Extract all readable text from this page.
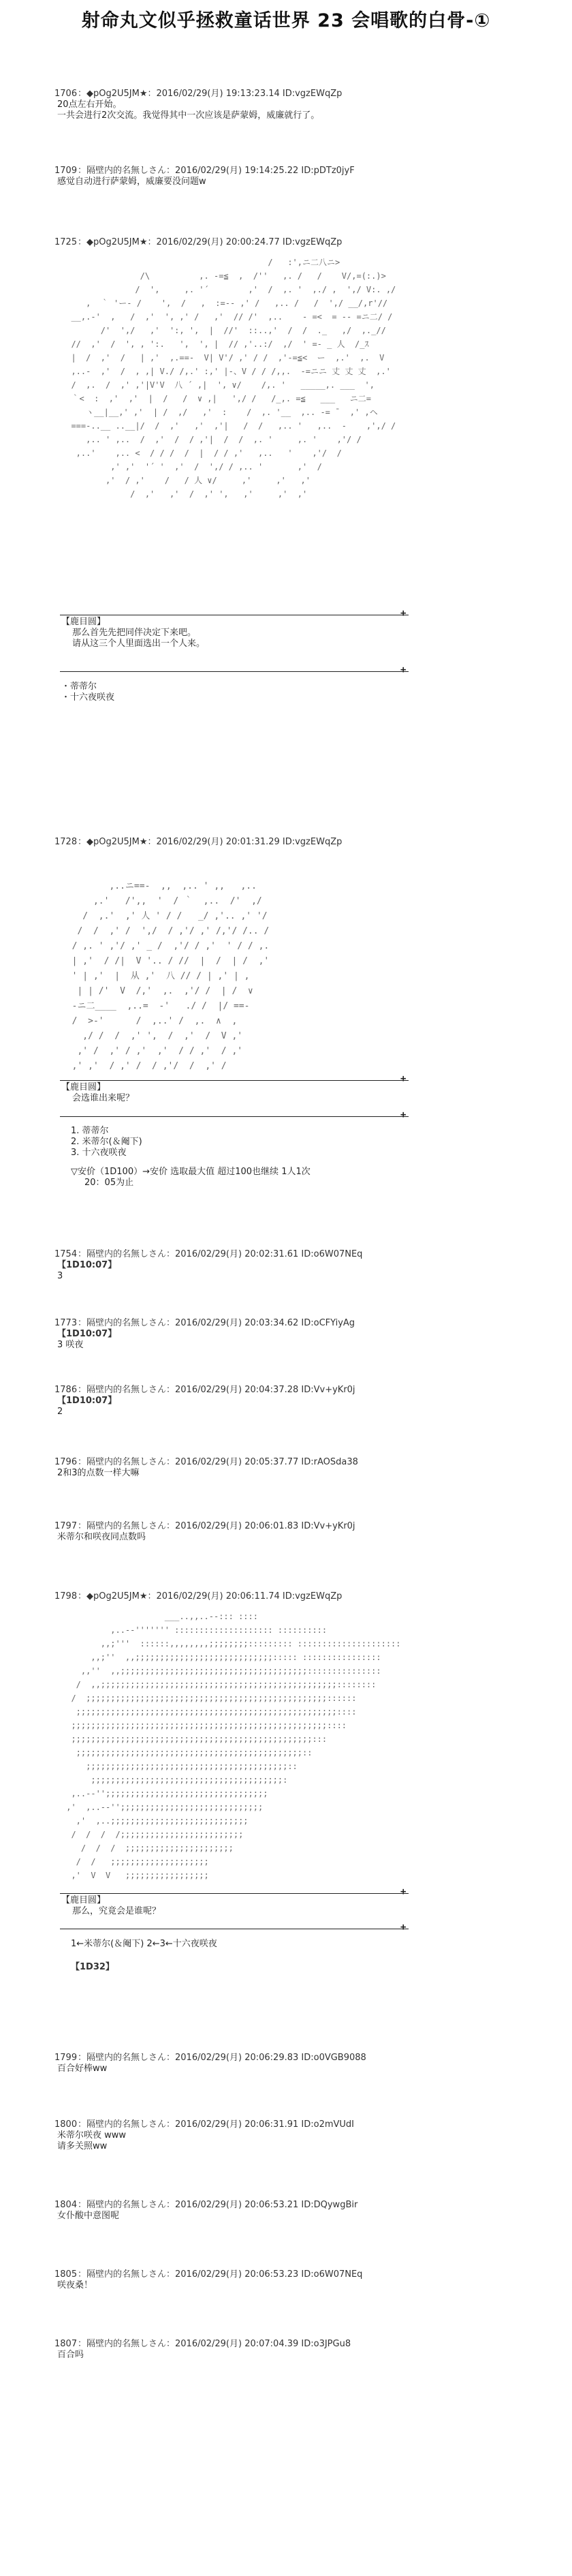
射命丸文似乎拯救童话世界 23 会唱歌的白骨-①
1706：◆pOg2U5JM★：2016/02/29(月) 19:13:23.14 ID:vgzEWqZp
20点左右开始。
一共会进行2次交流。我觉得其中一次应该是萨蒙姆，威廉就行了。
1709：隔壁内的名無しさん：2016/02/29(月) 19:14:25.22 ID:pDTz0jyF
感觉自动进行萨蒙姆，威廉要没问题w
1725：◆pOg2U5JM★：2016/02/29(月) 20:00:24.77 ID:vgzEWqZp
/   :',ニ二八ニ>
/\          ,. -=≦  ,  /''   ,. /   /    V/,=(:.)>
/  ',     ,. '´        ,'  /  ,. '  ,./ ,  ',/ V:. ,/
,  ｀ 'ー- /    ',  /   ,  :=-- ,' /   ,.. /   /  ',/ __/,r'//
__,.-'  ,   /  ,'  ', ,' /   ,'  // /'  ,..    - =<  = -- =ニ二/ /
/'  ',/   ,'  ':, ',  |  //'  ::..,'  /  /  ._   ,/  ,._//
//  ,'  /  ', , ':.   ',  ', |  // ,'..:/  ,/  ' =- _ 人  /_ｽ
|  /  ,'  /   | ,'  ,.==-  V| V'/ ,' / /  ,'-=≦<  ー  ,.'  ,.  V
,..-  ,'  /  , ,| V./ /,.' :,' |-、V / / /,,.  -=ニニ 丈 丈 丈  ,.'
/  ,.  /  ,' ,'|V'V  八 ´ ,|  ', ∨/    /,. '   _____,. ___  ',
｀<  :  ,'  ,'  |  /   /  ∨ ,|   ',/ /   /_,. =≦   ___   ニ二=
ヽ__|__,' ,'  | /  ,/   ,'  :    /  ,. '__  ,.. -= ̄   ,' ,ヘ
===-..__ ..__|/  /  ,'   ,'  ,'|   /  /   ,.. '   ,..  -    ,',/ /
,.. ' ,..  /  ,'  /  / ,'|  /  /  ,. '     ,. '    ,'/ /
,..'    ,.. <  / / /  /  |  / / ,'   ,..   '    ,'/  /
,' ,'  '´ '  ,'  /  ',/ / ,.. '       ,'  /
,'  / ,'    /   / 人 ∨/     ,'     ,'   ,'
/  ,'   ,'  /  ,' ',   ,'     ,'  ,'
+
【鹿目圆】
那么首先先把同伴决定下来吧。
请从这三个人里面选出一个人来。
+
・蒂蒂尔
・十六夜咲夜
1728：◆pOg2U5JM★：2016/02/29(月) 20:01:31.29 ID:vgzEWqZp
,..ニ==-  ,,  ,.. ' ,,   ,..
,.'   /',,  '  / ｀  ,..  /'  ,/
/  ,.'  ,' 人 ' / /   _/ ,'.. ,' '/
/  /  ,' /  ',/  / ,'/ ,' /,'/ /.. /
/ ,. ' ,'/ ,' _ /  ,'/ / ,'  ' / / ,.
| ,'  / /|  V '.. / //  |  /  | /  ,'
' | ,'  |  从 ,'  八 // / | ,' | ,
| | /'  V  /,'  ,.  ,'/ /  | /  ∨
-ニ二____  ,..=  -'   ./ /  |/ ==-
/  >-'      /  ,..' /  ,.  ∧  ,
,/ /  /  ,' ',  /  ,'  /  V ,'
,' /  ,' / ,'  ,'  / / ,'  / ,'
,' ,'  / ,' /  / ,'/  /  ,' /
+
【鹿目圆】
会选谁出来呢？
+
1. 蒂蒂尔
2. 米蒂尔(＆阉下)
3. 十六夜咲夜
▽安价（1D100）→安价 选取最大值 超过100也继续 1人1次
20：05为止
1754：隔壁内的名無しさん：2016/02/29(月) 20:02:31.61 ID:o6W07NEq
【1D10:07】
3
1773：隔壁内的名無しさん：2016/02/29(月) 20:03:34.62 ID:oCFYiyAg
【1D10:07】
3 咲夜
1786：隔壁内的名無しさん：2016/02/29(月) 20:04:37.28 ID:Vv+yKr0j
【1D10:07】
2
1796：隔壁内的名無しさん：2016/02/29(月) 20:05:37.77 ID:rAOSda38
2和3的点数一样大嘛
1797：隔壁内的名無しさん：2016/02/29(月) 20:06:01.83 ID:Vv+yKr0j
米蒂尔和咲夜同点数吗
1798：◆pOg2U5JM★：2016/02/29(月) 20:06:11.74 ID:vgzEWqZp
___..,,..--::: ::::
,..--''''''' :::::::::::::::::::: ::::::::::
,,;'''  ::::::,,,,,,,,;;;;;;;;::::::::: :::::::::::::::::::::
,,;''  ,,;;;;;;;;;;;;;;;;;;;;;;;;;;;;::::: ::::::::::::::::
,,''  ,,;;;;;;;;;;;;;;;;;;;;;;;;;;;;;;;;;;;;;;:::::::::::::::
/  ,,;;;;;;;;;;;;;;;;;;;;;;;;;;;;;;;;;;;;;;;;;;;;;;;;::::::::
/  ;;;;;;;;;;;;;;;;;;;;;;;;;;;;;;;;;;;;;;;;;;;;;;;;;::::::
;;;;;;;;;;;;;;;;;;;;;;;;;;;;;;;;;;;;;;;;;;;;;;;;;;;;;::::
;;;;;;;;;;;;;;;;;;;;;;;;;;;;;;;;;;;;;;;;;;;;;;;;;;;;::::
;;;;;;;;;;;;;;;;;;;;;;;;;;;;;;;;;;;;;;;;;;;;;;;;;:::
;;;;;;;;;;;;;;;;;;;;;;;;;;;;;;;;;;;;;;;;;;;;;;::
;;;;;;;;;;;;;;;;;;;;;;;;;;;;;;;;;;;;;;;;;::
;;;;;;;;;;;;;;;;;;;;;;;;;;;;;;;;;;;;;;;:
,..--'';;;;;;;;;;;;;;;;;;;;;;;;;;;;;;;;;
,'  ,..--'';;;;;;;;;;;;;;;;;;;;;;;;;;;;;
,'  ,..;;;;;;;;;;;;;;;;;;;;;;;;;;;;
/  /  /  /;;;;;;;;;;;;;;;;;;;;;;;;;
/  /  /  ;;;;;;;;;;;;;;;;;;;;;;
/  /   ;;;;;;;;;;;;;;;;;;;;
,'  V  V   ;;;;;;;;;;;;;;;;;
+
【鹿目圆】
那么，究竟会是谁呢？
+
1←米蒂尔(＆阉下) 2←3←十六夜咲夜
【1D32】
1799：隔壁内的名無しさん：2016/02/29(月) 20:06:29.83 ID:o0VGB9088
百合好棒ww
1800：隔壁内的名無しさん：2016/02/29(月) 20:06:31.91 ID:o2mVUdI
米蒂尔咲夜 www
请多关照ww
1804：隔壁内的名無しさん：2016/02/29(月) 20:06:53.21 ID:DQywgBir
女仆酸中意图呢
1805：隔壁内的名無しさん：2016/02/29(月) 20:06:53.23 ID:o6W07NEq
咲夜桑！
1807：隔壁内的名無しさん：2016/02/29(月) 20:07:04.39 ID:o3JPGu8
百合吗
